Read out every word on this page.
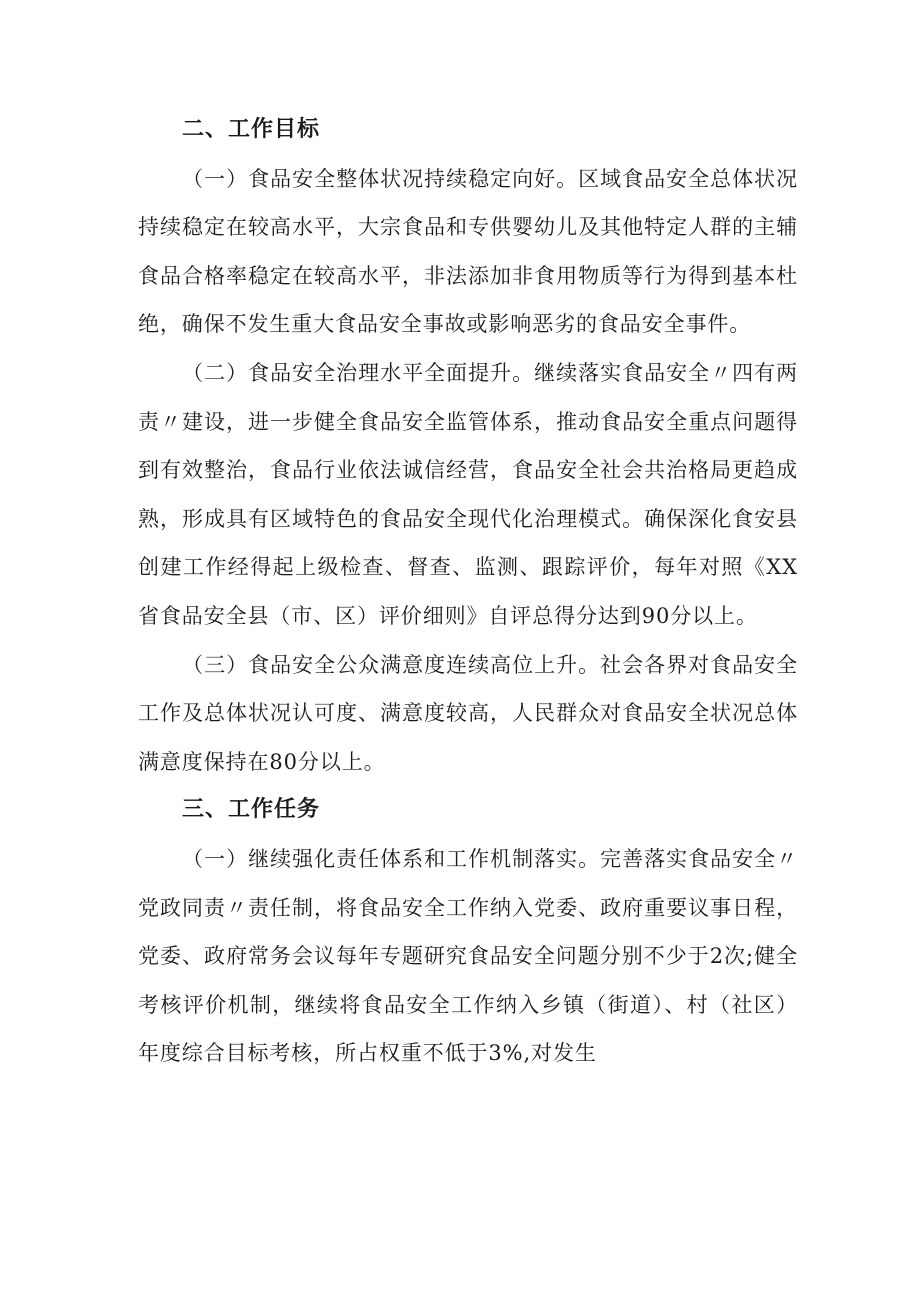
二、工作目标

（一）食品安全整体状况持续稳定向好。区域食品安全总体状况持续稳定在较高水平，大宗食品和专供婴幼儿及其他特定人群的主辅食品合格率稳定在较高水平，非法添加非食用物质等行为得到基本杜绝，确保不发生重大食品安全事故或影响恶劣的食品安全事件。

（二）食品安全治理水平全面提升。继续落实食品安全〃四有两责〃建设，进一步健全食品安全监管体系，推动食品安全重点问题得到有效整治，食品行业依法诚信经营，食品安全社会共治格局更趋成熟，形成具有区域特色的食品安全现代化治理模式。确保深化食安县创建工作经得起上级检查、督查、监测、跟踪评价，每年对照《XX省食品安全县（市、区）评价细则》自评总得分达到90分以上。

（三）食品安全公众满意度连续高位上升。社会各界对食品安全工作及总体状况认可度、满意度较高，人民群众对食品安全状况总体满意度保持在80分以上。

三、工作任务

（一）继续强化责任体系和工作机制落实。完善落实食品安全〃党政同责〃责任制，将食品安全工作纳入党委、政府重要议事日程，党委、政府常务会议每年专题研究食品安全问题分别不少于2次;健全考核评价机制，继续将食品安全工作纳入乡镇（街道）、村（社区）年度综合目标考核，所占权重不低于3%,对发生
